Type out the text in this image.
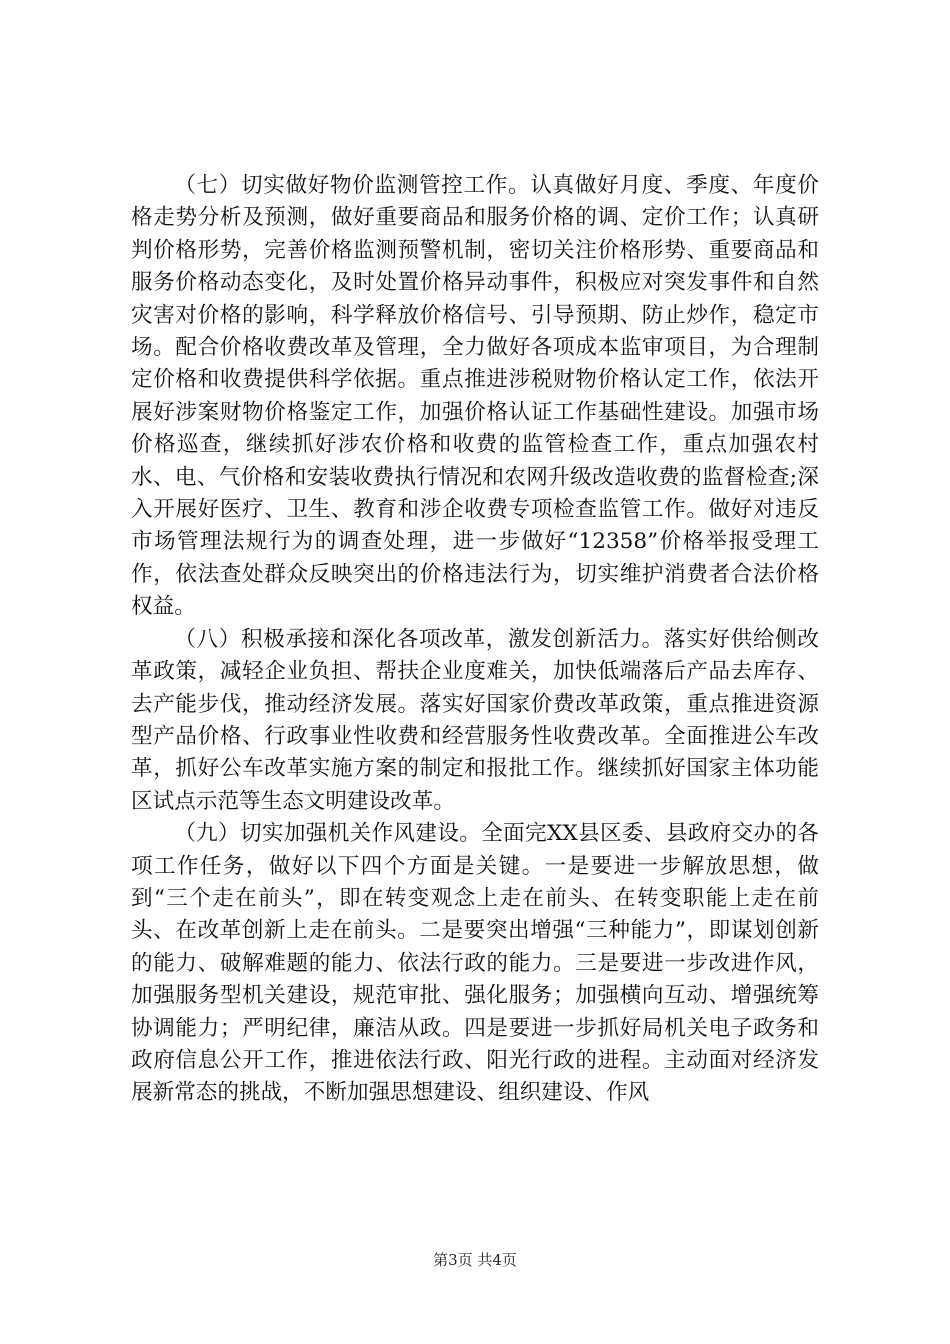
（七）切实做好物价监测管控工作。认真做好月度、季度、年度价格走势分析及预测，做好重要商品和服务价格的调、定价工作；认真研判价格形势，完善价格监测预警机制，密切关注价格形势、重要商品和服务价格动态变化，及时处置价格异动事件，积极应对突发事件和自然灾害对价格的影响，科学释放价格信号、引导预期、防止炒作，稳定市场。配合价格收费改革及管理，全力做好各项成本监审项目，为合理制定价格和收费提供科学依据。重点推进涉税财物价格认定工作，依法开展好涉案财物价格鉴定工作，加强价格认证工作基础性建设。加强市场价格巡查，继续抓好涉农价格和收费的监管检查工作，重点加强农村水、电、气价格和安装收费执行情况和农网升级改造收费的监督检查;深入开展好医疗、卫生、教育和涉企收费专项检查监管工作。做好对违反市场管理法规行为的调查处理，进一步做好“12358”价格举报受理工作，依法查处群众反映突出的价格违法行为，切实维护消费者合法价格权益。

（八）积极承接和深化各项改革，激发创新活力。落实好供给侧改革政策，减轻企业负担、帮扶企业度难关，加快低端落后产品去库存、去产能步伐，推动经济发展。落实好国家价费改革政策，重点推进资源型产品价格、行政事业性收费和经营服务性收费改革。全面推进公车改革，抓好公车改革实施方案的制定和报批工作。继续抓好国家主体功能区试点示范等生态文明建设改革。

（九）切实加强机关作风建设。全面完XX县区委、县政府交办的各项工作任务，做好以下四个方面是关键。一是要进一步解放思想，做到“三个走在前头”，即在转变观念上走在前头、在转变职能上走在前头、在改革创新上走在前头。二是要突出增强“三种能力”，即谋划创新的能力、破解难题的能力、依法行政的能力。三是要进一步改进作风，加强服务型机关建设，规范审批、强化服务；加强横向互动、增强统筹协调能力；严明纪律，廉洁从政。四是要进一步抓好局机关电子政务和政府信息公开工作，推进依法行政、阳光行政的进程。主动面对经济发展新常态的挑战，不断加强思想建设、组织建设、作风

第3页 共4页
